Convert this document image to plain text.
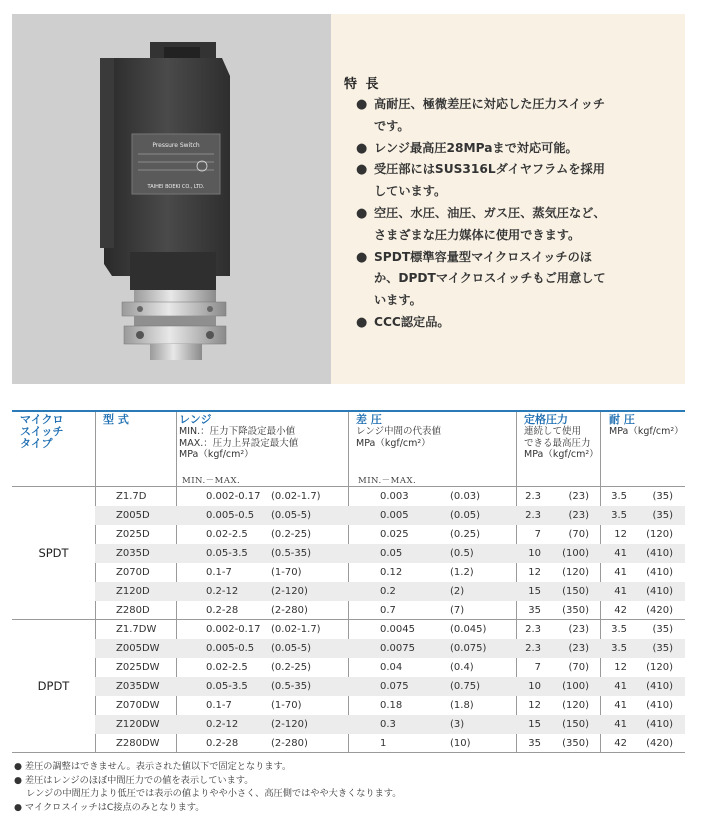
Pressure Switch
TAIHEI BOEKI CO., LTD.
特 長
● 高耐圧、極微差圧に対応した圧力スイッチ
です。
● レンジ最高圧28MPaまで対応可能。
● 受圧部にはSUS316Lダイヤフラムを採用
しています。
● 空圧、水圧、油圧、ガス圧、蒸気圧など、
さまざまな圧力媒体に使用できます。
● SPDT標準容量型マイクロスイッチのほ
か、DPDTマイクロスイッチもご用意して
います。
● CCC認定品。
マイクロ
スイッチ
タイプ
型 式	レンジ
MIN.：圧力下降設定最小値
MAX.：圧力上昇設定最大値
MPa（kgf/cm²）
差 圧
レンジ中間の代表値
MPa（kgf/cm²）
定格圧力
連続して使用
できる最高圧力
MPa（kgf/cm²）
耐 圧
MPa（kgf/cm²）
MIN.－MAX.	MIN.－MAX.
Z1.7D	0.002-0.17 (0.02-1.7)	0.003	(0.03)	2.3	(23) 3.5	(35)
Z005D	0.005-0.5 (0.05-5)	0.005	(0.05)	2.3	(23) 3.5	(35)
Z025D	0.02-2.5 (0.2-25)	0.025	(0.25)	7	(70)	12 (120)
Z035D	0.05-3.5 (0.5-35)	0.05	(0.5)	10 (100)	41 (410)
Z070D	0.1-7	(1-70)	0.12	(1.2)	12 (120)	41 (410)
Z120D	0.2-12	(2-120)	0.2	(2)	15 (150)	41 (410)
Z280D	0.2-28	(2-280)	0.7	(7)	35 (350)	42 (420)
SPDT
Z1.7DW	0.002-0.17 (0.02-1.7)	0.0045	(0.045)	2.3	(23) 3.5	(35)
Z005DW	0.005-0.5 (0.05-5)	0.0075	(0.075)	2.3	(23) 3.5	(35)
Z025DW	0.02-2.5 (0.2-25)	0.04	(0.4)	7	(70)	12 (120)
Z035DW	0.05-3.5 (0.5-35)	0.075	(0.75)	10 (100)	41 (410)
Z070DW	0.1-7	(1-70)	0.18	(1.8)	12 (120)	41 (410)
Z120DW	0.2-12	(2-120)	0.3	(3)	15 (150)	41 (410)
Z280DW	0.2-28	(2-280)	1	(10)	35 (350)	42 (420)
DPDT
● 差圧の調整はできません。表示された値以下で固定となります。
● 差圧はレンジのほぼ中間圧力での値を表示しています。
　 レンジの中間圧力より低圧では表示の値よりやや小さく、高圧側ではやや大きくなります。
● マイクロスイッチはC接点のみとなります。
